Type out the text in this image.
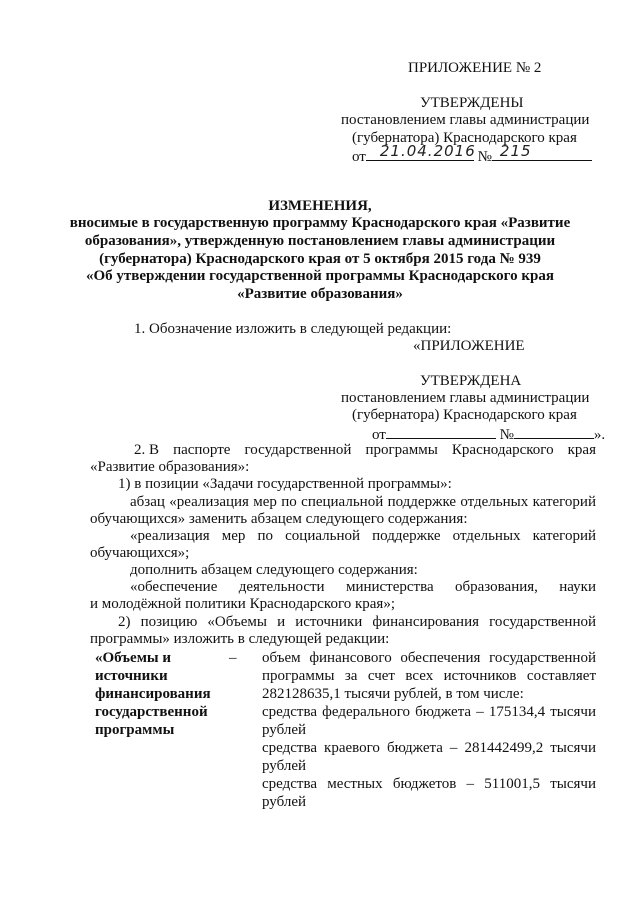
ПРИЛОЖЕНИЕ № 2
УТВЕРЖДЕНЫ
постановлением главы администрации
(губернатора) Краснодарского края
от 21.04.2016 № 215
ИЗМЕНЕНИЯ,
вносимые в государственную программу Краснодарского края «Развитие
образования», утвержденную постановлением главы администрации
(губернатора) Краснодарского края от 5 октября 2015 года № 939
«Об утверждении государственной программы Краснодарского края
«Развитие образования»
1. Обозначение изложить в следующей редакции:
«ПРИЛОЖЕНИЕ
УТВЕРЖДЕНА
постановлением главы администрации
(губернатора) Краснодарского края
от	№	».
2. В паспорте государственной программы Краснодарского края
«Развитие образования»:
1) в позиции «Задачи государственной программы»:
абзац «реализация мер по специальной поддержке отдельных категорий
обучающихся» заменить абзацем следующего содержания:
«реализация мер по социальной поддержке отдельных категорий
обучающихся»;
дополнить абзацем следующего содержания:
«обеспечение деятельности министерства образования, науки
и молодёжной политики Краснодарского края»;
2) позицию «Объемы и источники финансирования государственной
программы» изложить в следующей редакции:
«Объемы и
источники
финансирования
государственной
программы
– объем финансового обеспечения государственной
программы за счет всех источников составляет
282128635,1 тысячи рублей, в том числе:
средства федерального бюджета – 175134,4 тысячи
рублей
средства краевого бюджета – 281442499,2 тысячи
рублей
средства местных бюджетов – 511001,5 тысячи
рублей
